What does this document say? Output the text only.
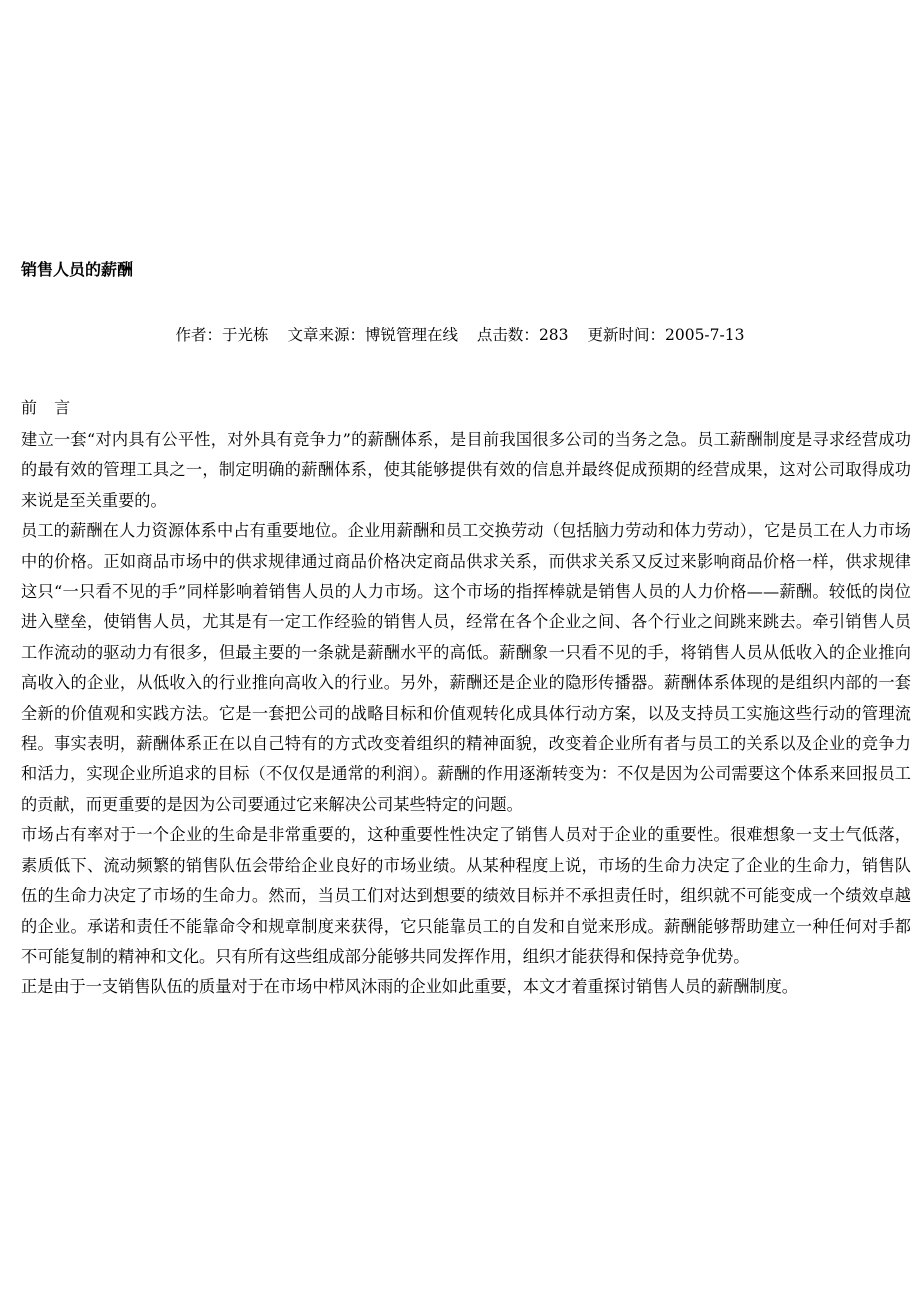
销售人员的薪酬
作者：于光栋 文章来源：博锐管理在线 点击数：283 更新时间：2005-7-13
前 言

建立一套“对内具有公平性，对外具有竞争力”的薪酬体系，是目前我国很多公司的当务之急。员工薪酬制度是寻求经营成功的最有效的管理工具之一，制定明确的薪酬体系，使其能够提供有效的信息并最终促成预期的经营成果，这对公司取得成功来说是至关重要的。

员工的薪酬在人力资源体系中占有重要地位。企业用薪酬和员工交换劳动（包括脑力劳动和体力劳动），它是员工在人力市场中的价格。正如商品市场中的供求规律通过商品价格决定商品供求关系，而供求关系又反过来影响商品价格一样，供求规律这只“一只看不见的手”同样影响着销售人员的人力市场。这个市场的指挥棒就是销售人员的人力价格——薪酬。较低的岗位进入壁垒，使销售人员，尤其是有一定工作经验的销售人员，经常在各个企业之间、各个行业之间跳来跳去。牵引销售人员工作流动的驱动力有很多，但最主要的一条就是薪酬水平的高低。薪酬象一只看不见的手，将销售人员从低收入的企业推向高收入的企业，从低收入的行业推向高收入的行业。另外，薪酬还是企业的隐形传播器。薪酬体系体现的是组织内部的一套全新的价值观和实践方法。它是一套把公司的战略目标和价值观转化成具体行动方案，以及支持员工实施这些行动的管理流程。事实表明，薪酬体系正在以自己特有的方式改变着组织的精神面貌，改变着企业所有者与员工的关系以及企业的竞争力和活力，实现企业所追求的目标（不仅仅是通常的利润）。薪酬的作用逐渐转变为：不仅是因为公司需要这个体系来回报员工的贡献，而更重要的是因为公司要通过它来解决公司某些特定的问题。

市场占有率对于一个企业的生命是非常重要的，这种重要性性决定了销售人员对于企业的重要性。很难想象一支士气低落，素质低下、流动频繁的销售队伍会带给企业良好的市场业绩。从某种程度上说，市场的生命力决定了企业的生命力，销售队伍的生命力决定了市场的生命力。然而，当员工们对达到想要的绩效目标并不承担责任时，组织就不可能变成一个绩效卓越的企业。承诺和责任不能靠命令和规章制度来获得，它只能靠员工的自发和自觉来形成。薪酬能够帮助建立一种任何对手都不可能复制的精神和文化。只有所有这些组成部分能够共同发挥作用，组织才能获得和保持竞争优势。

正是由于一支销售队伍的质量对于在市场中栉风沐雨的企业如此重要，本文才着重探讨销售人员的薪酬制度。
